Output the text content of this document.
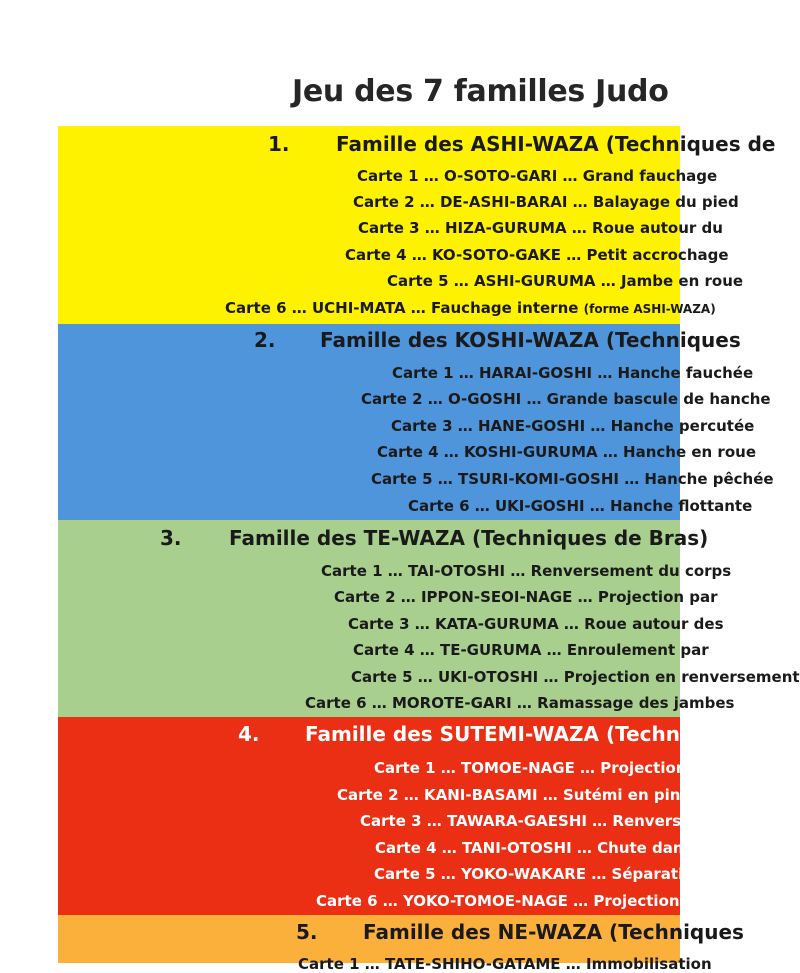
Jeu des 7 familles Judo
1. Famille des ASHI-WAZA (Techniques de
Carte 1 … O-SOTO-GARI … Grand fauchage
Carte 2 … DE-ASHI-BARAI … Balayage du pied
Carte 3 … HIZA-GURUMA … Roue autour du
Carte 4 … KO-SOTO-GAKE … Petit accrochage
Carte 5 … ASHI-GURUMA … Jambe en roue
Carte 6 … UCHI-MATA … Fauchage interne (forme ASHI-WAZA)
2. Famille des KOSHI-WAZA (Techniques
Carte 1 … HARAI-GOSHI … Hanche fauchée
Carte 2 … O-GOSHI … Grande bascule de hanche
Carte 3 … HANE-GOSHI … Hanche percutée
Carte 4 … KOSHI-GURUMA … Hanche en roue
Carte 5 … TSURI-KOMI-GOSHI … Hanche pêchée
Carte 6 … UKI-GOSHI … Hanche flottante
3. Famille des TE-WAZA (Techniques de Bras)
Carte 1 … TAI-OTOSHI … Renversement du corps
Carte 2 … IPPON-SEOI-NAGE … Projection par
Carte 3 … KATA-GURUMA … Roue autour des
Carte 4 … TE-GURUMA … Enroulement par
Carte 5 … UKI-OTOSHI … Projection en renversement
Carte 6 … MOROTE-GARI … Ramassage des jambes
4. Famille des SUTEMI-WAZA (Techniques
Carte 1 … TOMOE-NAGE … Projection en
Carte 2 … KANI-BASAMI … Sutémi en pince
Carte 3 … TAWARA-GAESHI … Renversement
Carte 4 … TANI-OTOSHI … Chute dans la
Carte 5 … YOKO-WAKARE … Séparation
Carte 6 … YOKO-TOMOE-NAGE … Projection en
5. Famille des NE-WAZA (Techniques
Carte 1 … TATE-SHIHO-GATAME … Immobilisation
